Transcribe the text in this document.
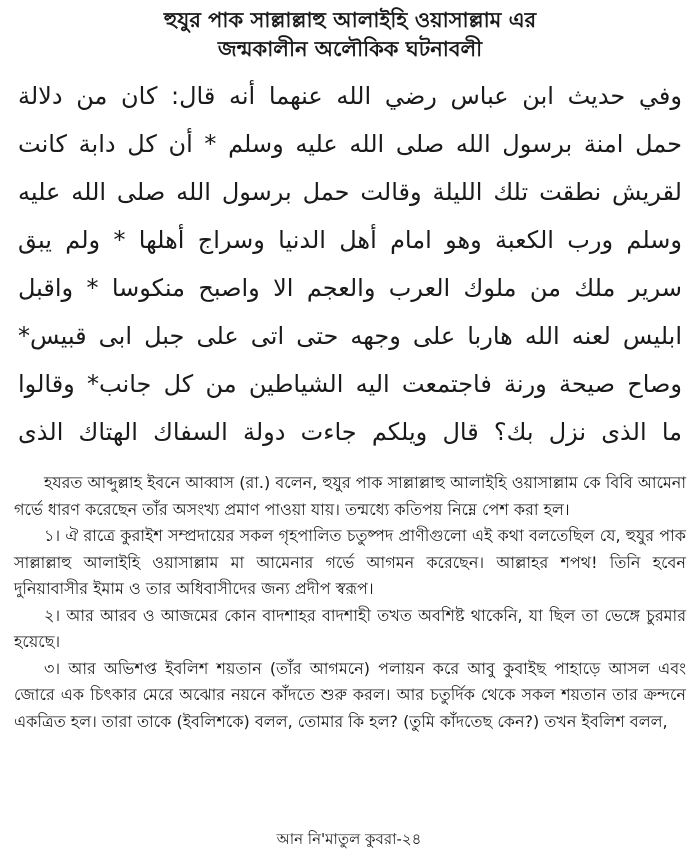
হুযুর পাক সাল্লাল্লাহু আলাইহি ওয়াসাল্লাম এর
জন্মকালীন অলৌকিক ঘটনাবলী
وفي حديث ابن عباس رضي الله عنهما أنه قال: كان من دلالة حمل امنة برسول الله صلى الله عليه وسلم * أن كل دابة كانت لقريش نطقت تلك الليلة وقالت حمل برسول الله صلى الله عليه وسلم ورب الكعبة وهو امام أهل الدنيا وسراج أهلها * ولم يبق سرير ملك من ملوك العرب والعجم الا واصبح منكوسا * واقبل ابليس لعنه الله هاربا على وجهه حتى اتى على جبل ابى قبيس* وصاح صيحة ورنة فاجتمعت اليه الشياطين من كل جانب* وقالوا ما الذى نزل بك؟ قال ويلكم جاءت دولة السفاك الهتاك الذى

হযরত আব্দুল্লাহ ইবনে আব্বাস (রা.) বলেন, হুযুর পাক সাল্লাল্লাহু আলাইহি ওয়াসাল্লাম কে বিবি আমেনা গর্ভে ধারণ করেছেন তাঁর অসংখ্য প্রমাণ পাওয়া যায়। তন্মধ্যে কতিপয় নিম্নে পেশ করা হল।

১। ঐ রাত্রে কুরাইশ সম্প্রদায়ের সকল গৃহপালিত চতুষ্পদ প্রাণীগুলো এই কথা বলতেছিল যে, হুযুর পাক সাল্লাল্লাহু আলাইহি ওয়াসাল্লাম মা আমেনার গর্ভে আগমন করেছেন। আল্লাহর শপথ! তিনি হবেন দুনিয়াবাসীর ইমাম ও তার অধিবাসীদের জন্য প্রদীপ স্বরূপ।

২। আর আরব ও আজমের কোন বাদশাহর বাদশাহী তখত অবশিষ্ট থাকেনি, যা ছিল তা ভেঙ্গে চুরমার হয়েছে।

৩। আর অভিশপ্ত ইবলিশ শয়তান (তাঁর আগমনে) পলায়ন করে আবু কুবাইছ পাহাড়ে আসল এবং জোরে এক চিৎকার মেরে অঝোর নয়নে কাঁদতে শুরু করল। আর চতুর্দিক থেকে সকল শয়তান তার ক্রন্দনে একত্রিত হল। তারা তাকে (ইবলিশকে) বলল, তোমার কি হল? (তুমি কাঁদতেছ কেন?) তখন ইবলিশ বলল,

আন নি'মাতুল কুবরা-২৪
